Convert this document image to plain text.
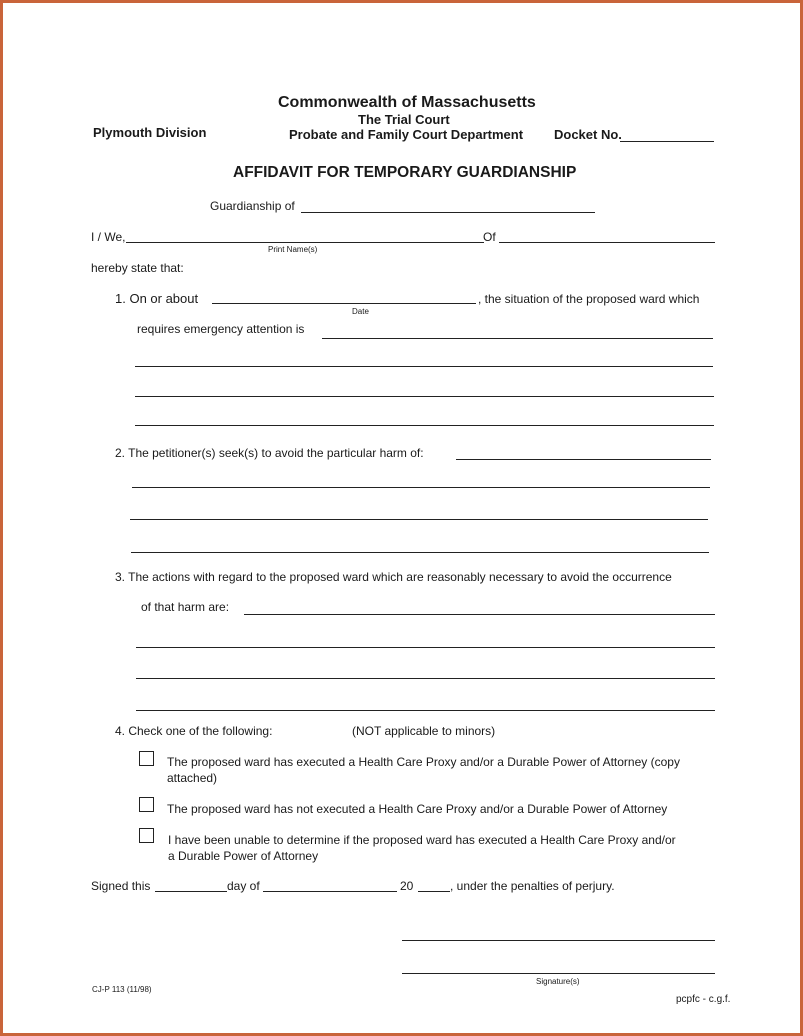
Commonwealth of Massachusetts
The Trial Court
Probate and Family Court Department
Plymouth Division	Docket No.
AFFIDAVIT FOR TEMPORARY GUARDIANSHIP
Guardianship of
I / We,
Print Name(s)
Of
hereby state that:
1. On or about
Date
, the situation of the proposed ward which
requires emergency attention is
2. The petitioner(s) seek(s) to avoid the particular harm of:
3. The actions with regard to the proposed ward which are reasonably necessary to avoid the occurrence
of that harm are:
4. Check one of the following:	(NOT applicable to minors)
The proposed ward has executed a Health Care Proxy and/or a Durable Power of Attorney (copy
attached)
The proposed ward has not executed a Health Care Proxy and/or a Durable Power of Attorney
I have been unable to determine if the proposed ward has executed a Health Care Proxy and/or
a Durable Power of Attorney
Signed this	day of	20	, under the penalties of perjury.
Signature(s)
CJ-P 113 (11/98)
pcpfc - c.g.f.
